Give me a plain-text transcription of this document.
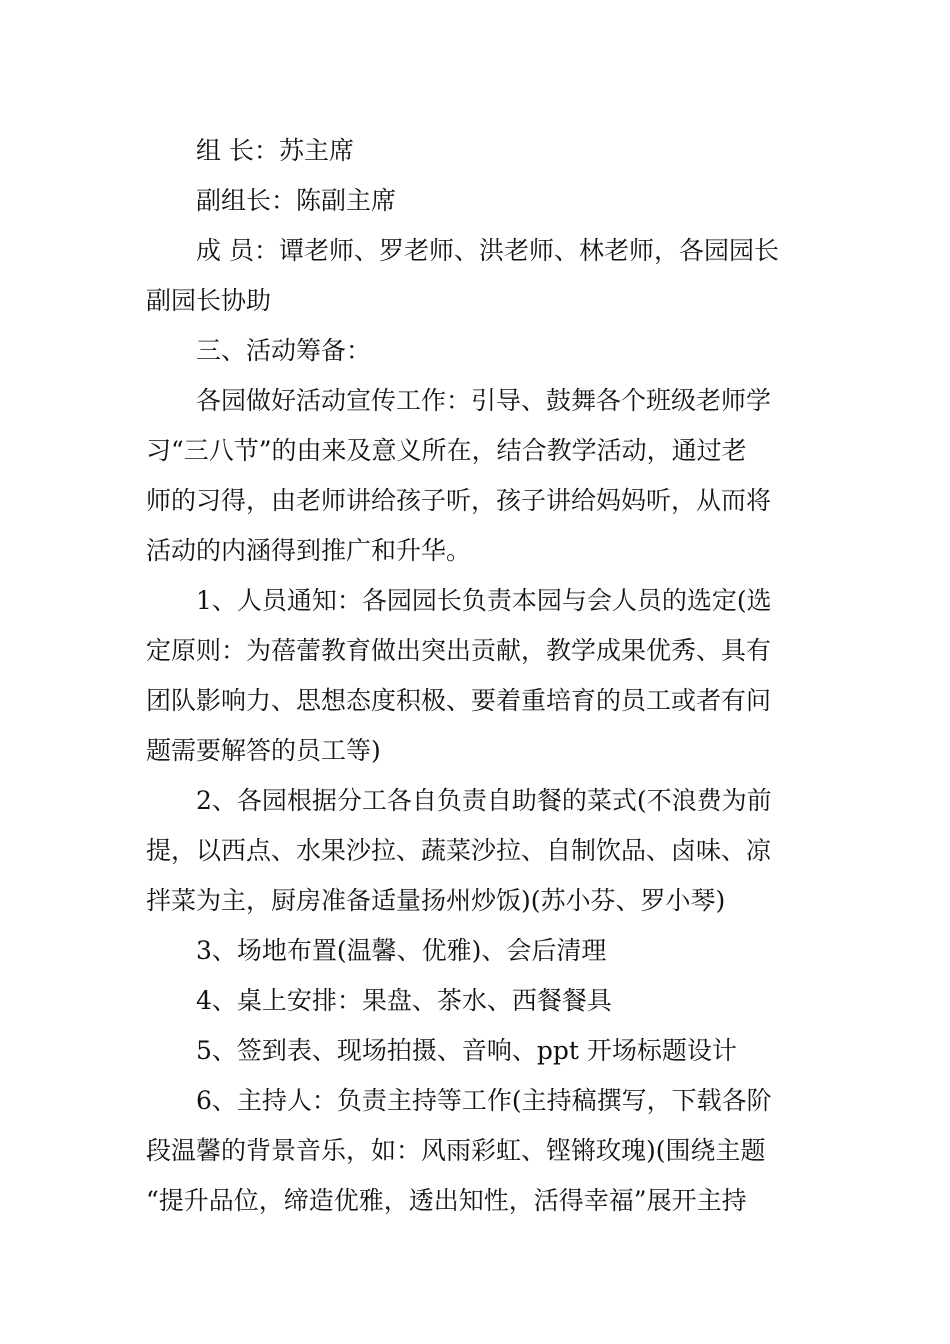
组 长：苏主席
副组长：陈副主席
成 员：谭老师、罗老师、洪老师、林老师，各园园长
副园长协助
三、活动筹备：
各园做好活动宣传工作：引导、鼓舞各个班级老师学
习“三八节”的由来及意义所在，结合教学活动，通过老
师的习得，由老师讲给孩子听，孩子讲给妈妈听，从而将
活动的内涵得到推广和升华。
1、人员通知：各园园长负责本园与会人员的选定(选
定原则：为蓓蕾教育做出突出贡献，教学成果优秀、具有
团队影响力、思想态度积极、要着重培育的员工或者有问
题需要解答的员工等)
2、各园根据分工各自负责自助餐的菜式(不浪费为前
提，以西点、水果沙拉、蔬菜沙拉、自制饮品、卤味、凉
拌菜为主，厨房准备适量扬州炒饭)(苏小芬、罗小琴)
3、场地布置(温馨、优雅)、会后清理
4、桌上安排：果盘、茶水、西餐餐具
5、签到表、现场拍摄、音响、ppt 开场标题设计
6、主持人：负责主持等工作(主持稿撰写，下载各阶
段温馨的背景音乐，如：风雨彩虹、铿锵玫瑰)(围绕主题
“提升品位，缔造优雅，透出知性，活得幸福”展开主持
